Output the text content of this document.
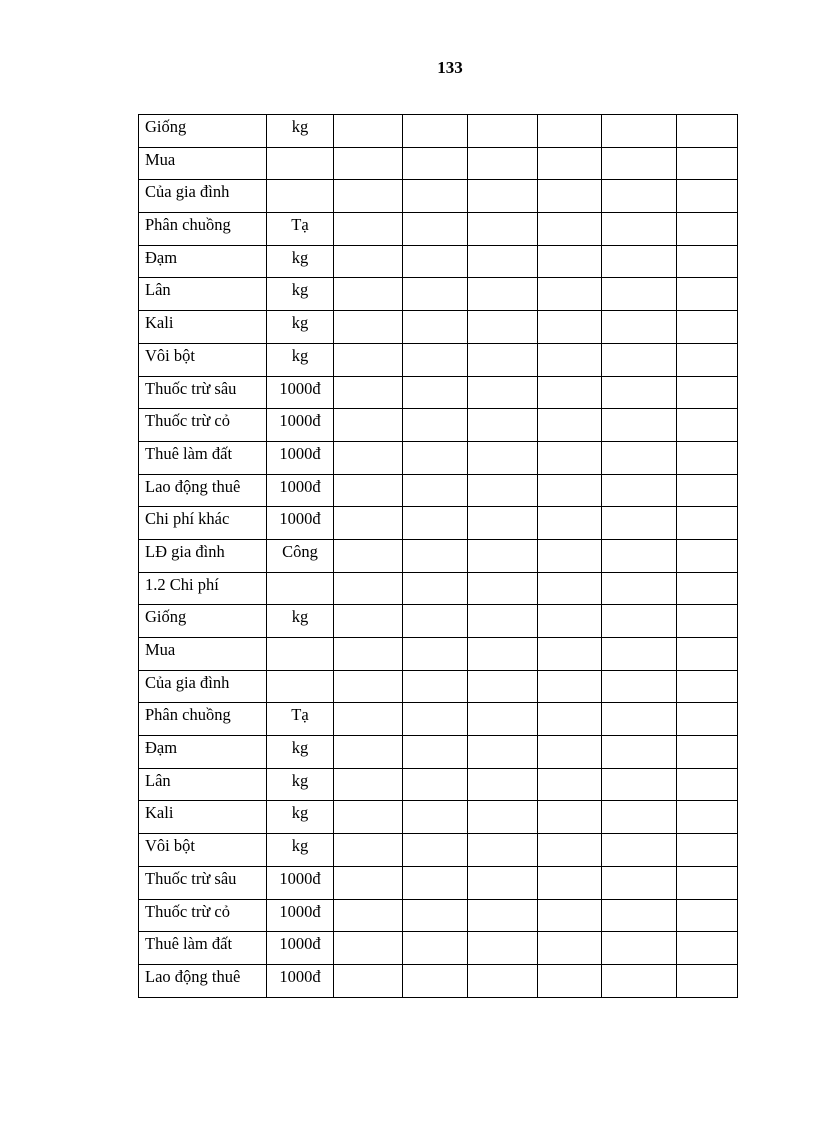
133
Giống	kg						
Mua							
Của gia đình							
Phân chuồng	Tạ						
Đạm	kg						
Lân	kg						
Kali	kg						
Vôi bột	kg						
Thuốc trừ sâu	1000đ						
Thuốc trừ cỏ	1000đ						
Thuê làm đất	1000đ						
Lao động thuê	1000đ						
Chi phí khác	1000đ						
LĐ gia đình	Công						
1.2 Chi phí							
Giống	kg						
Mua							
Của gia đình							
Phân chuồng	Tạ						
Đạm	kg						
Lân	kg						
Kali	kg						
Vôi bột	kg						
Thuốc trừ sâu	1000đ						
Thuốc trừ cỏ	1000đ						
Thuê làm đất	1000đ						
Lao động thuê	1000đ						
